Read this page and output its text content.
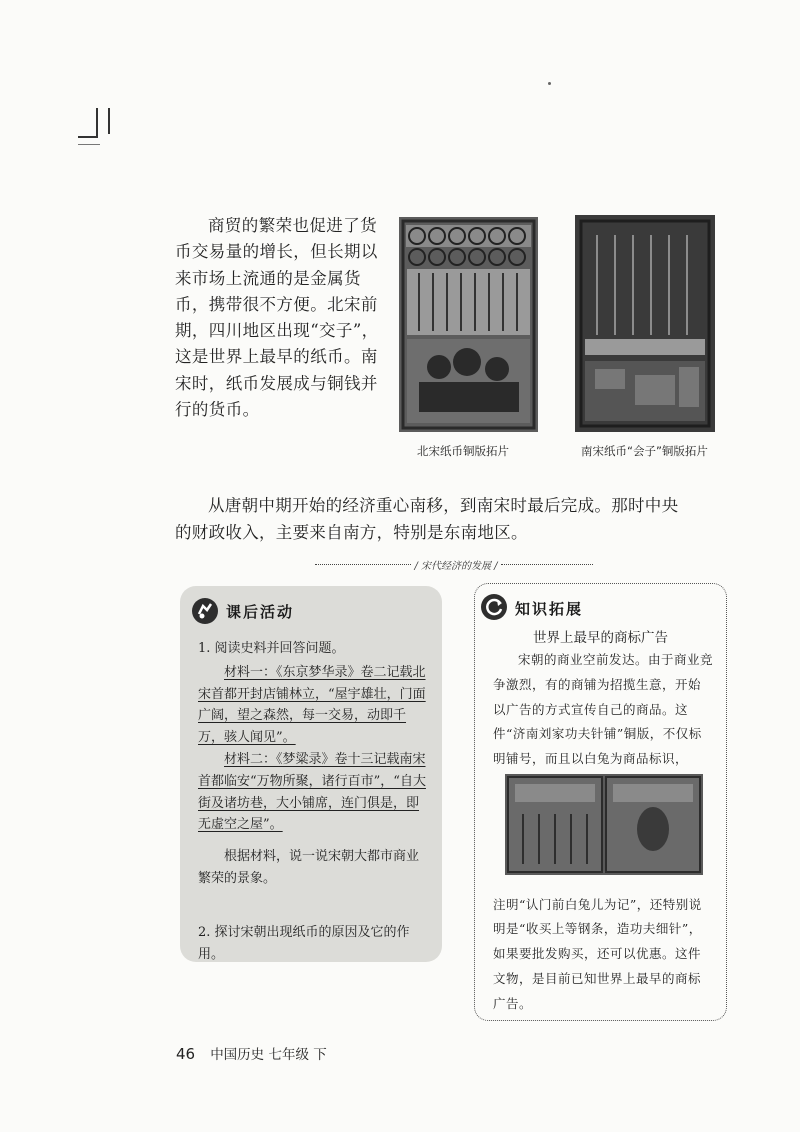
商贸的繁荣也促进了货币交易量的增长，但长期以来市场上流通的是金属货币，携带很不方便。北宋前期，四川地区出现“交子”，这是世界上最早的纸币。南宋时，纸币发展成与铜钱并行的货币。

北宋纸币铜版拓片	南宋纸币“会子”铜版拓片

从唐朝中期开始的经济重心南移，到南宋时最后完成。那时中央的财政收入，主要来自南方，特别是东南地区。

/ 宋代经济的发展 /
课后活动

1. 阅读史料并回答问题。

材料一：《东京梦华录》卷二记载北宋首都开封店铺林立，“屋宇雄壮，门面广阔，望之森然，每一交易，动即千万，骇人闻见”。

材料二：《梦粱录》卷十三记载南宋首都临安“万物所聚，诸行百市”，“自大街及诸坊巷，大小铺席，连门俱是，即无虚空之屋”。

根据材料，说一说宋朝大都市商业繁荣的景象。

2. 探讨宋朝出现纸币的原因及它的作用。

知识拓展
世界上最早的商标广告

宋朝的商业空前发达。由于商业竞争激烈，有的商铺为招揽生意，开始以广告的方式宣传自己的商品。这件“济南刘家功夫针铺”铜版，不仅标明铺号，而且以白兔为商品标识，

注明“认门前白兔儿为记”，还特别说明是“收买上等钢条，造功夫细针”，如果要批发购买，还可以优惠。这件文物，是目前已知世界上最早的商标广告。

46 中国历史 七年级 下
